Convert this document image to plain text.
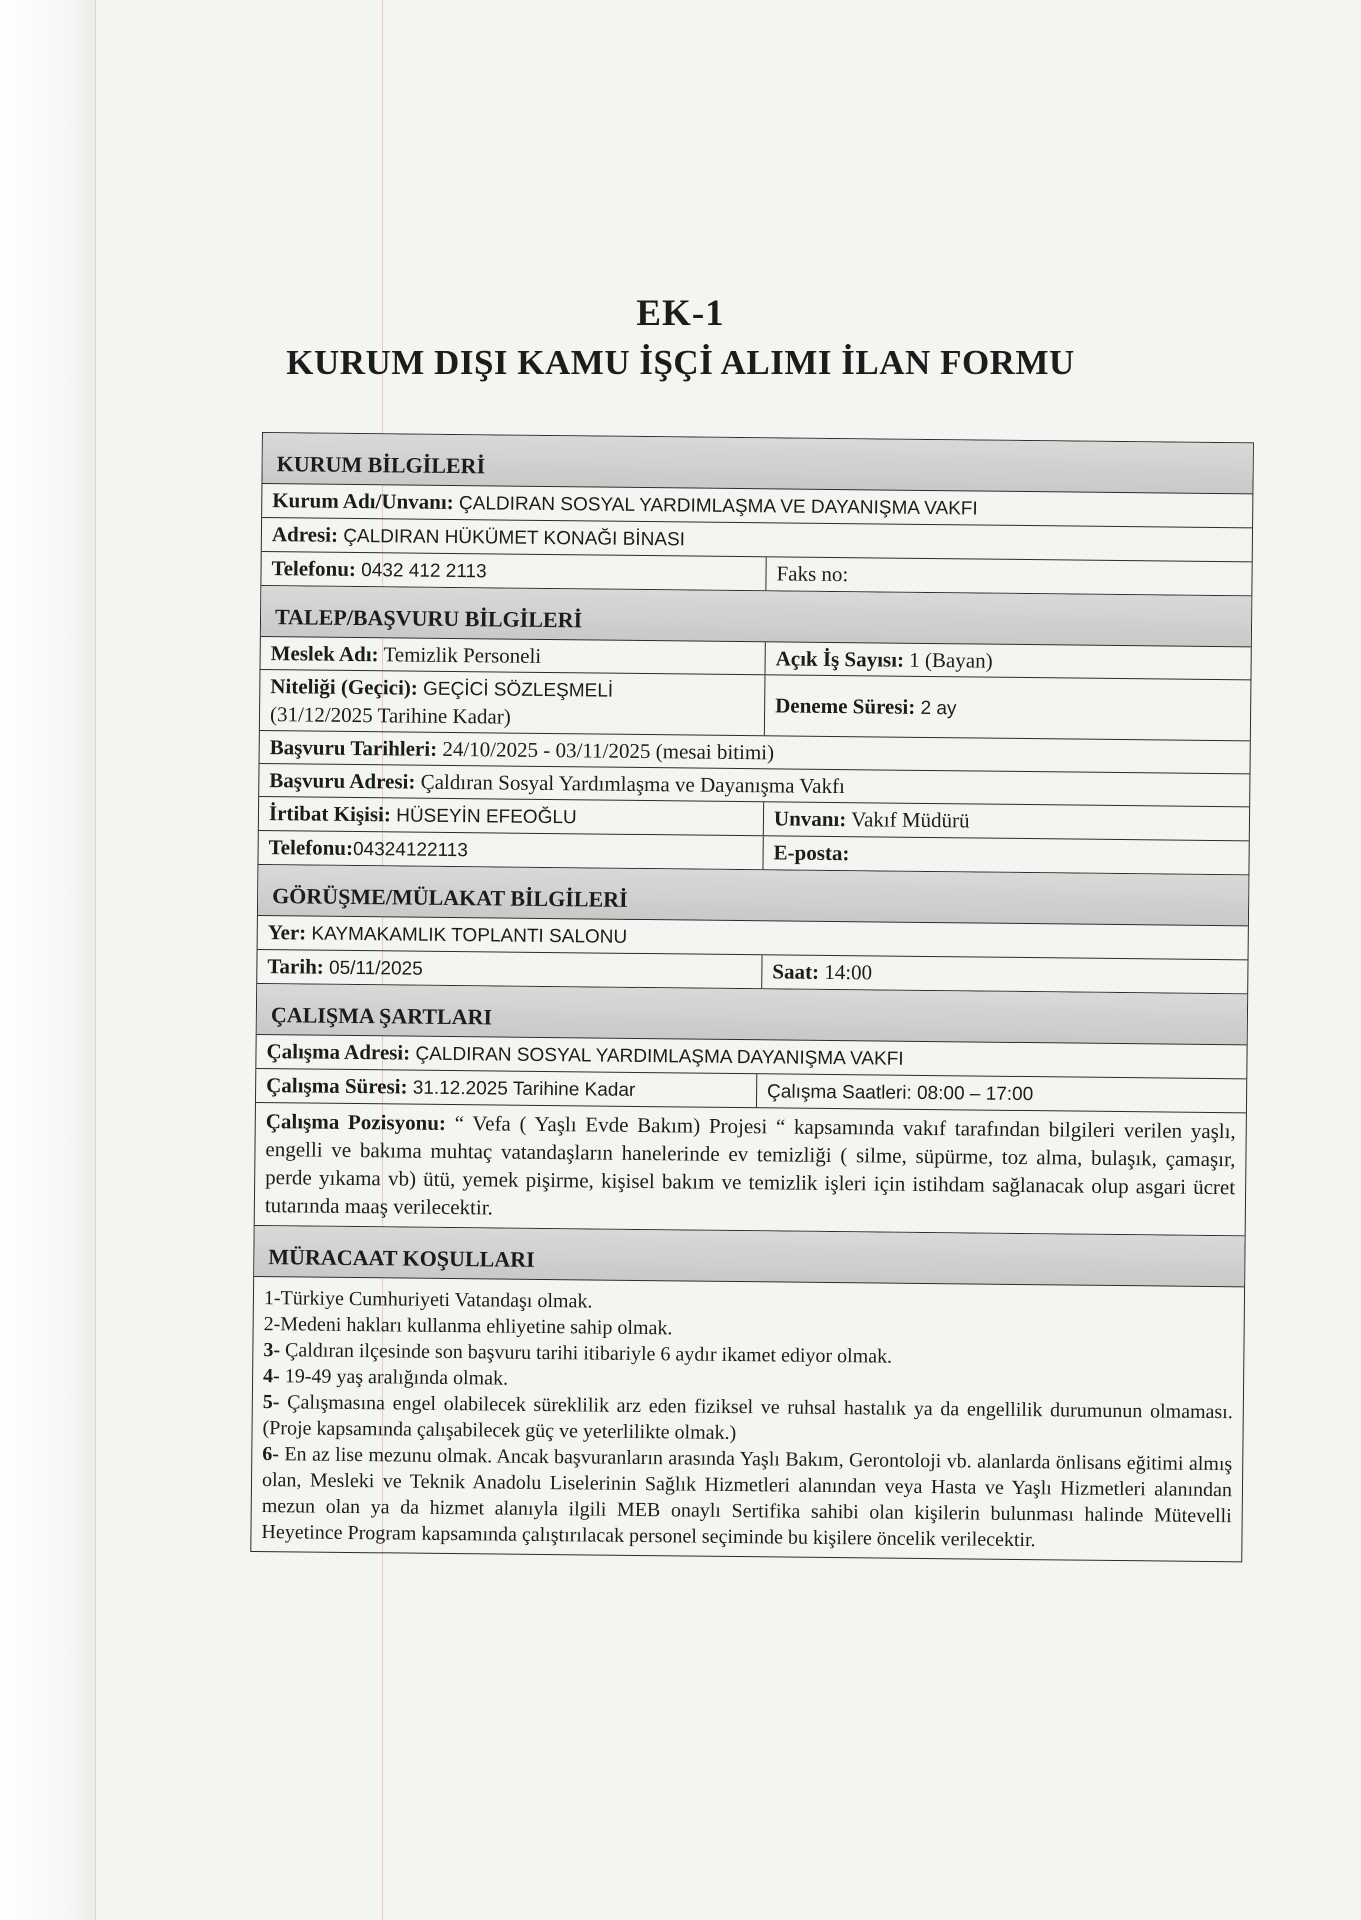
EK-1
KURUM DIŞI KAMU İŞÇİ ALIMI İLAN FORMU
KURUM BİLGİLERİ
Kurum Adı/Unvanı: ÇALDIRAN SOSYAL YARDIMLAŞMA VE DAYANIŞMA VAKFI
Adresi: ÇALDIRAN HÜKÜMET KONAĞI BİNASI
Telefonu: 0432 412 2113	Faks no:
TALEP/BAŞVURU BİLGİLERİ
Meslek Adı: Temizlik Personeli	Açık İş Sayısı: 1 (Bayan)
Niteliği (Geçici): GEÇİCİ SÖZLEŞMELİ
(31/12/2025 Tarihine Kadar)	Deneme Süresi: 2 ay
Başvuru Tarihleri: 24/10/2025 - 03/11/2025 (mesai bitimi)
Başvuru Adresi: Çaldıran Sosyal Yardımlaşma ve Dayanışma Vakfı
İrtibat Kişisi: HÜSEYİN EFEOĞLU	Unvanı: Vakıf Müdürü
Telefonu:04324122113	E-posta:
GÖRÜŞME/MÜLAKAT BİLGİLERİ
Yer: KAYMAKAMLIK TOPLANTI SALONU
Tarih: 05/11/2025	Saat: 14:00
ÇALIŞMA ŞARTLARI
Çalışma Adresi: ÇALDIRAN SOSYAL YARDIMLAŞMA DAYANIŞMA VAKFI
Çalışma Süresi: 31.12.2025 Tarihine Kadar	Çalışma Saatleri: 08:00 – 17:00
Çalışma Pozisyonu: “ Vefa ( Yaşlı Evde Bakım) Projesi “ kapsamında vakıf tarafından bilgileri verilen yaşlı, engelli ve bakıma muhtaç vatandaşların hanelerinde ev temizliği ( silme, süpürme, toz alma, bulaşık, çamaşır, perde yıkama vb) ütü, yemek pişirme, kişisel bakım ve temizlik işleri için istihdam sağlanacak olup asgari ücret tutarında maaş verilecektir.
MÜRACAAT KOŞULLARI
1-Türkiye Cumhuriyeti Vatandaşı olmak.
2-Medeni hakları kullanma ehliyetine sahip olmak.
3- Çaldıran ilçesinde son başvuru tarihi itibariyle 6 aydır ikamet ediyor olmak.
4- 19-49 yaş aralığında olmak.
5- Çalışmasına engel olabilecek süreklilik arz eden fiziksel ve ruhsal hastalık ya da engellilik durumunun olmaması. (Proje kapsamında çalışabilecek güç ve yeterlilikte olmak.)
6- En az lise mezunu olmak. Ancak başvuranların arasında Yaşlı Bakım, Gerontoloji vb. alanlarda önlisans eğitimi almış olan, Mesleki ve Teknik Anadolu Liselerinin Sağlık Hizmetleri alanından veya Hasta ve Yaşlı Hizmetleri alanından mezun olan ya da hizmet alanıyla ilgili MEB onaylı Sertifika sahibi olan kişilerin bulunması halinde Mütevelli Heyetince Program kapsamında çalıştırılacak personel seçiminde bu kişilere öncelik verilecektir.
